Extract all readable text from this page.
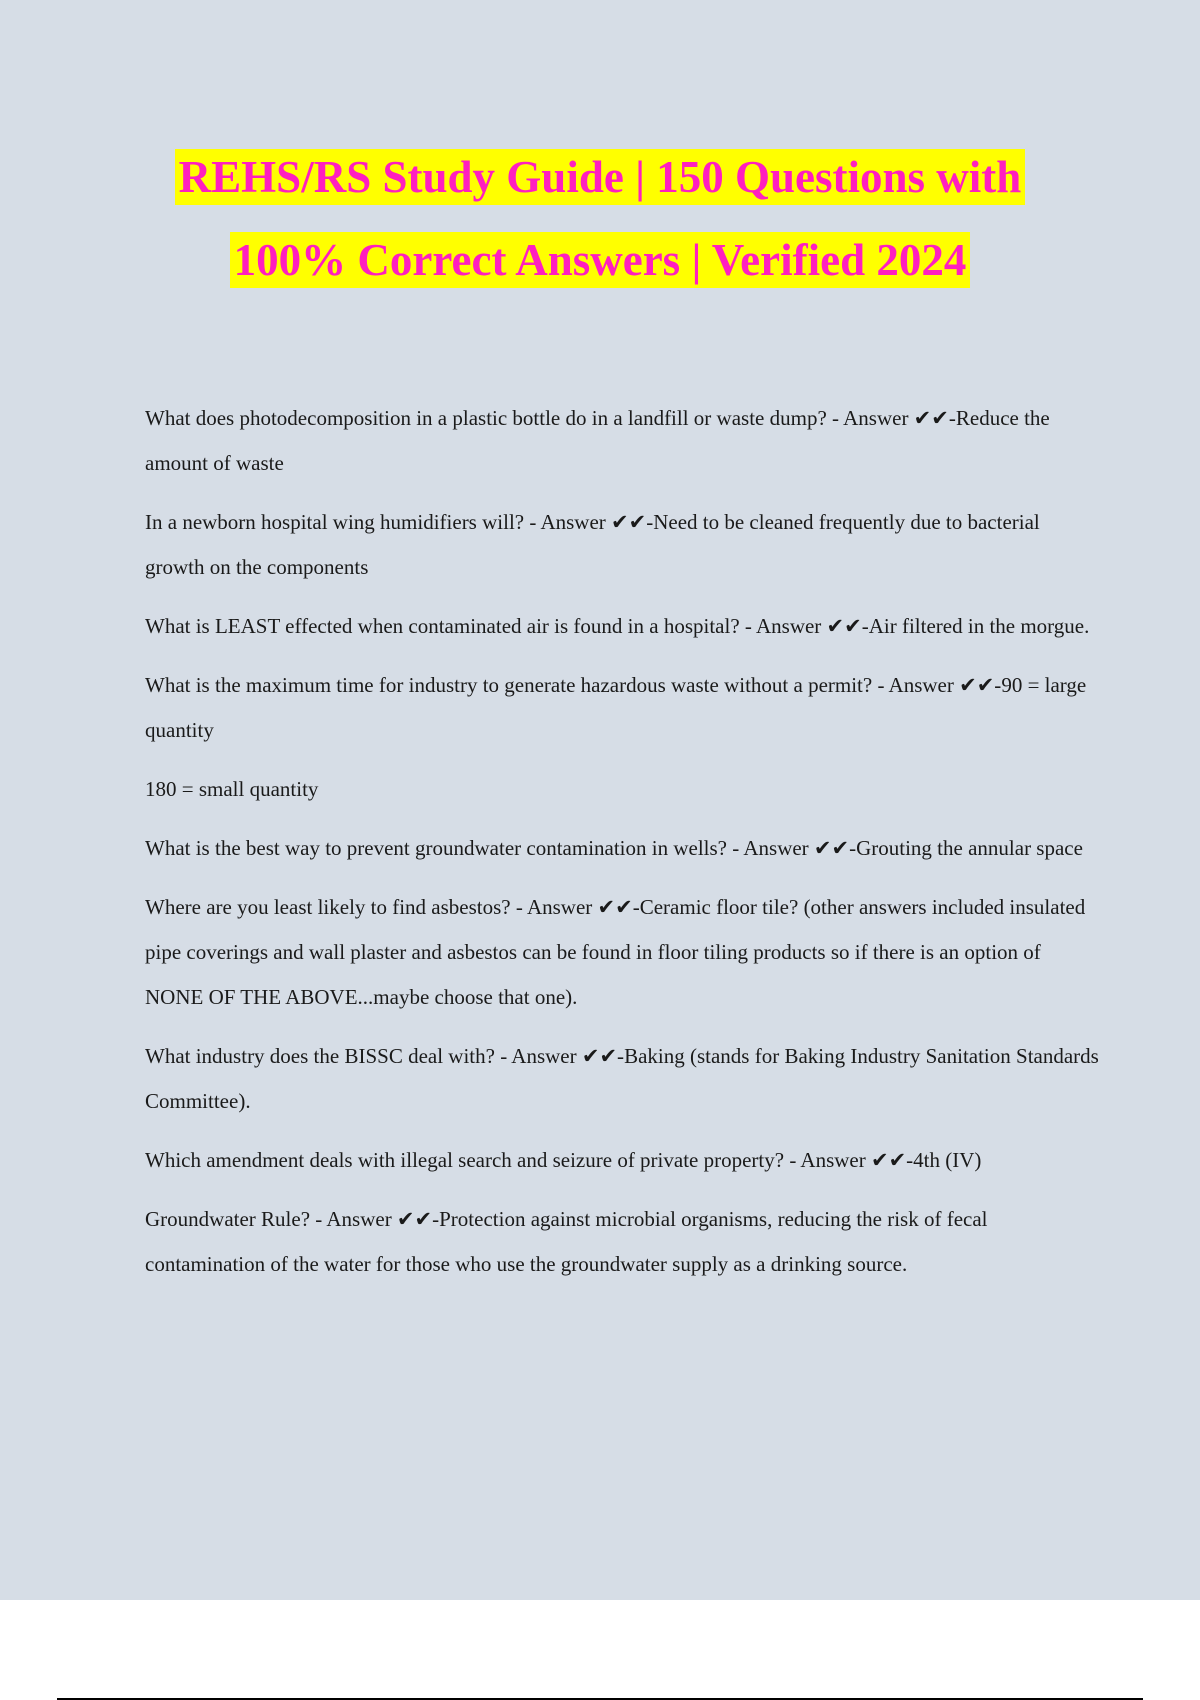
REHS/RS Study Guide | 150 Questions with
100% Correct Answers | Verified 2024

What does photodecomposition in a plastic bottle do in a landfill or waste dump? - Answer ✔✔-Reduce the amount of waste

In a newborn hospital wing humidifiers will? - Answer ✔✔-Need to be cleaned frequently due to bacterial growth on the components

What is LEAST effected when contaminated air is found in a hospital? - Answer ✔✔-Air filtered in the morgue.

What is the maximum time for industry to generate hazardous waste without a permit? - Answer ✔✔-90 = large quantity

180 = small quantity

What is the best way to prevent groundwater contamination in wells? - Answer ✔✔-Grouting the annular space

Where are you least likely to find asbestos? - Answer ✔✔-Ceramic floor tile? (other answers included insulated pipe coverings and wall plaster and asbestos can be found in floor tiling products so if there is an option of NONE OF THE ABOVE...maybe choose that one).

What industry does the BISSC deal with? - Answer ✔✔-Baking (stands for Baking Industry Sanitation Standards Committee).

Which amendment deals with illegal search and seizure of private property? - Answer ✔✔-4th (IV)

Groundwater Rule? - Answer ✔✔-Protection against microbial organisms, reducing the risk of fecal contamination of the water for those who use the groundwater supply as a drinking source.
